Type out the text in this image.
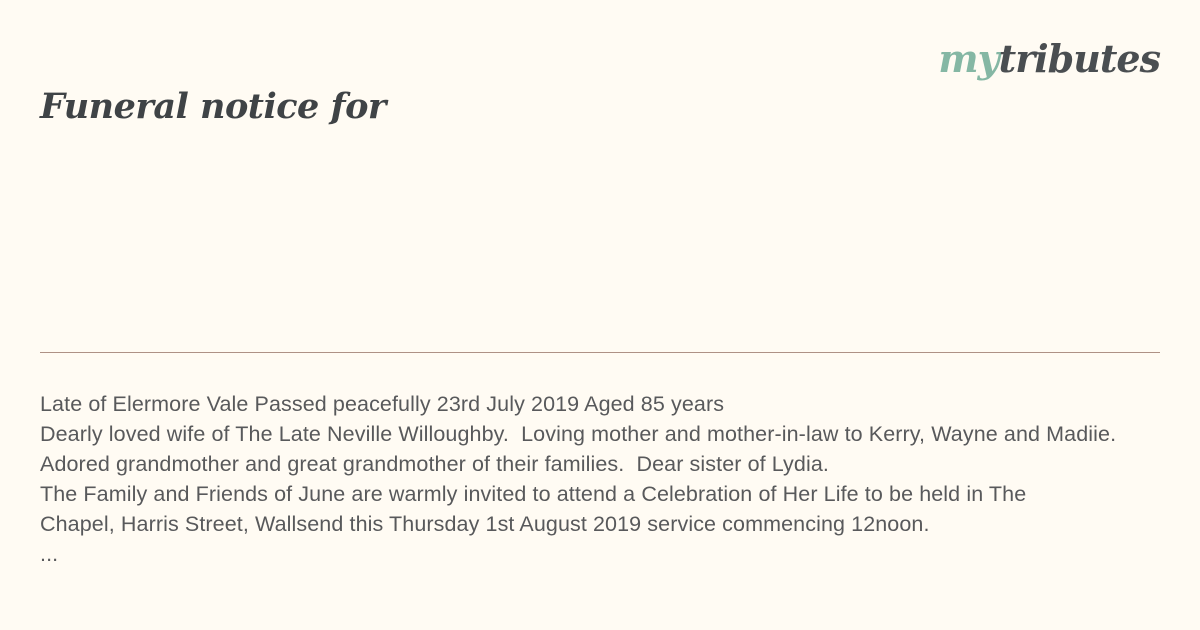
mytributes
Funeral notice for
Late of Elermore Vale Passed peacefully 23rd July 2019 Aged 85 years
Dearly loved wife of The Late Neville Willoughby.  Loving mother and mother-in-law to Kerry, Wayne and Madiie.
Adored grandmother and great grandmother of their families.  Dear sister of Lydia.
The Family and Friends of June are warmly invited to attend a Celebration of Her Life to be held in The
Chapel, Harris Street, Wallsend this Thursday 1st August 2019 service commencing 12noon.
...
